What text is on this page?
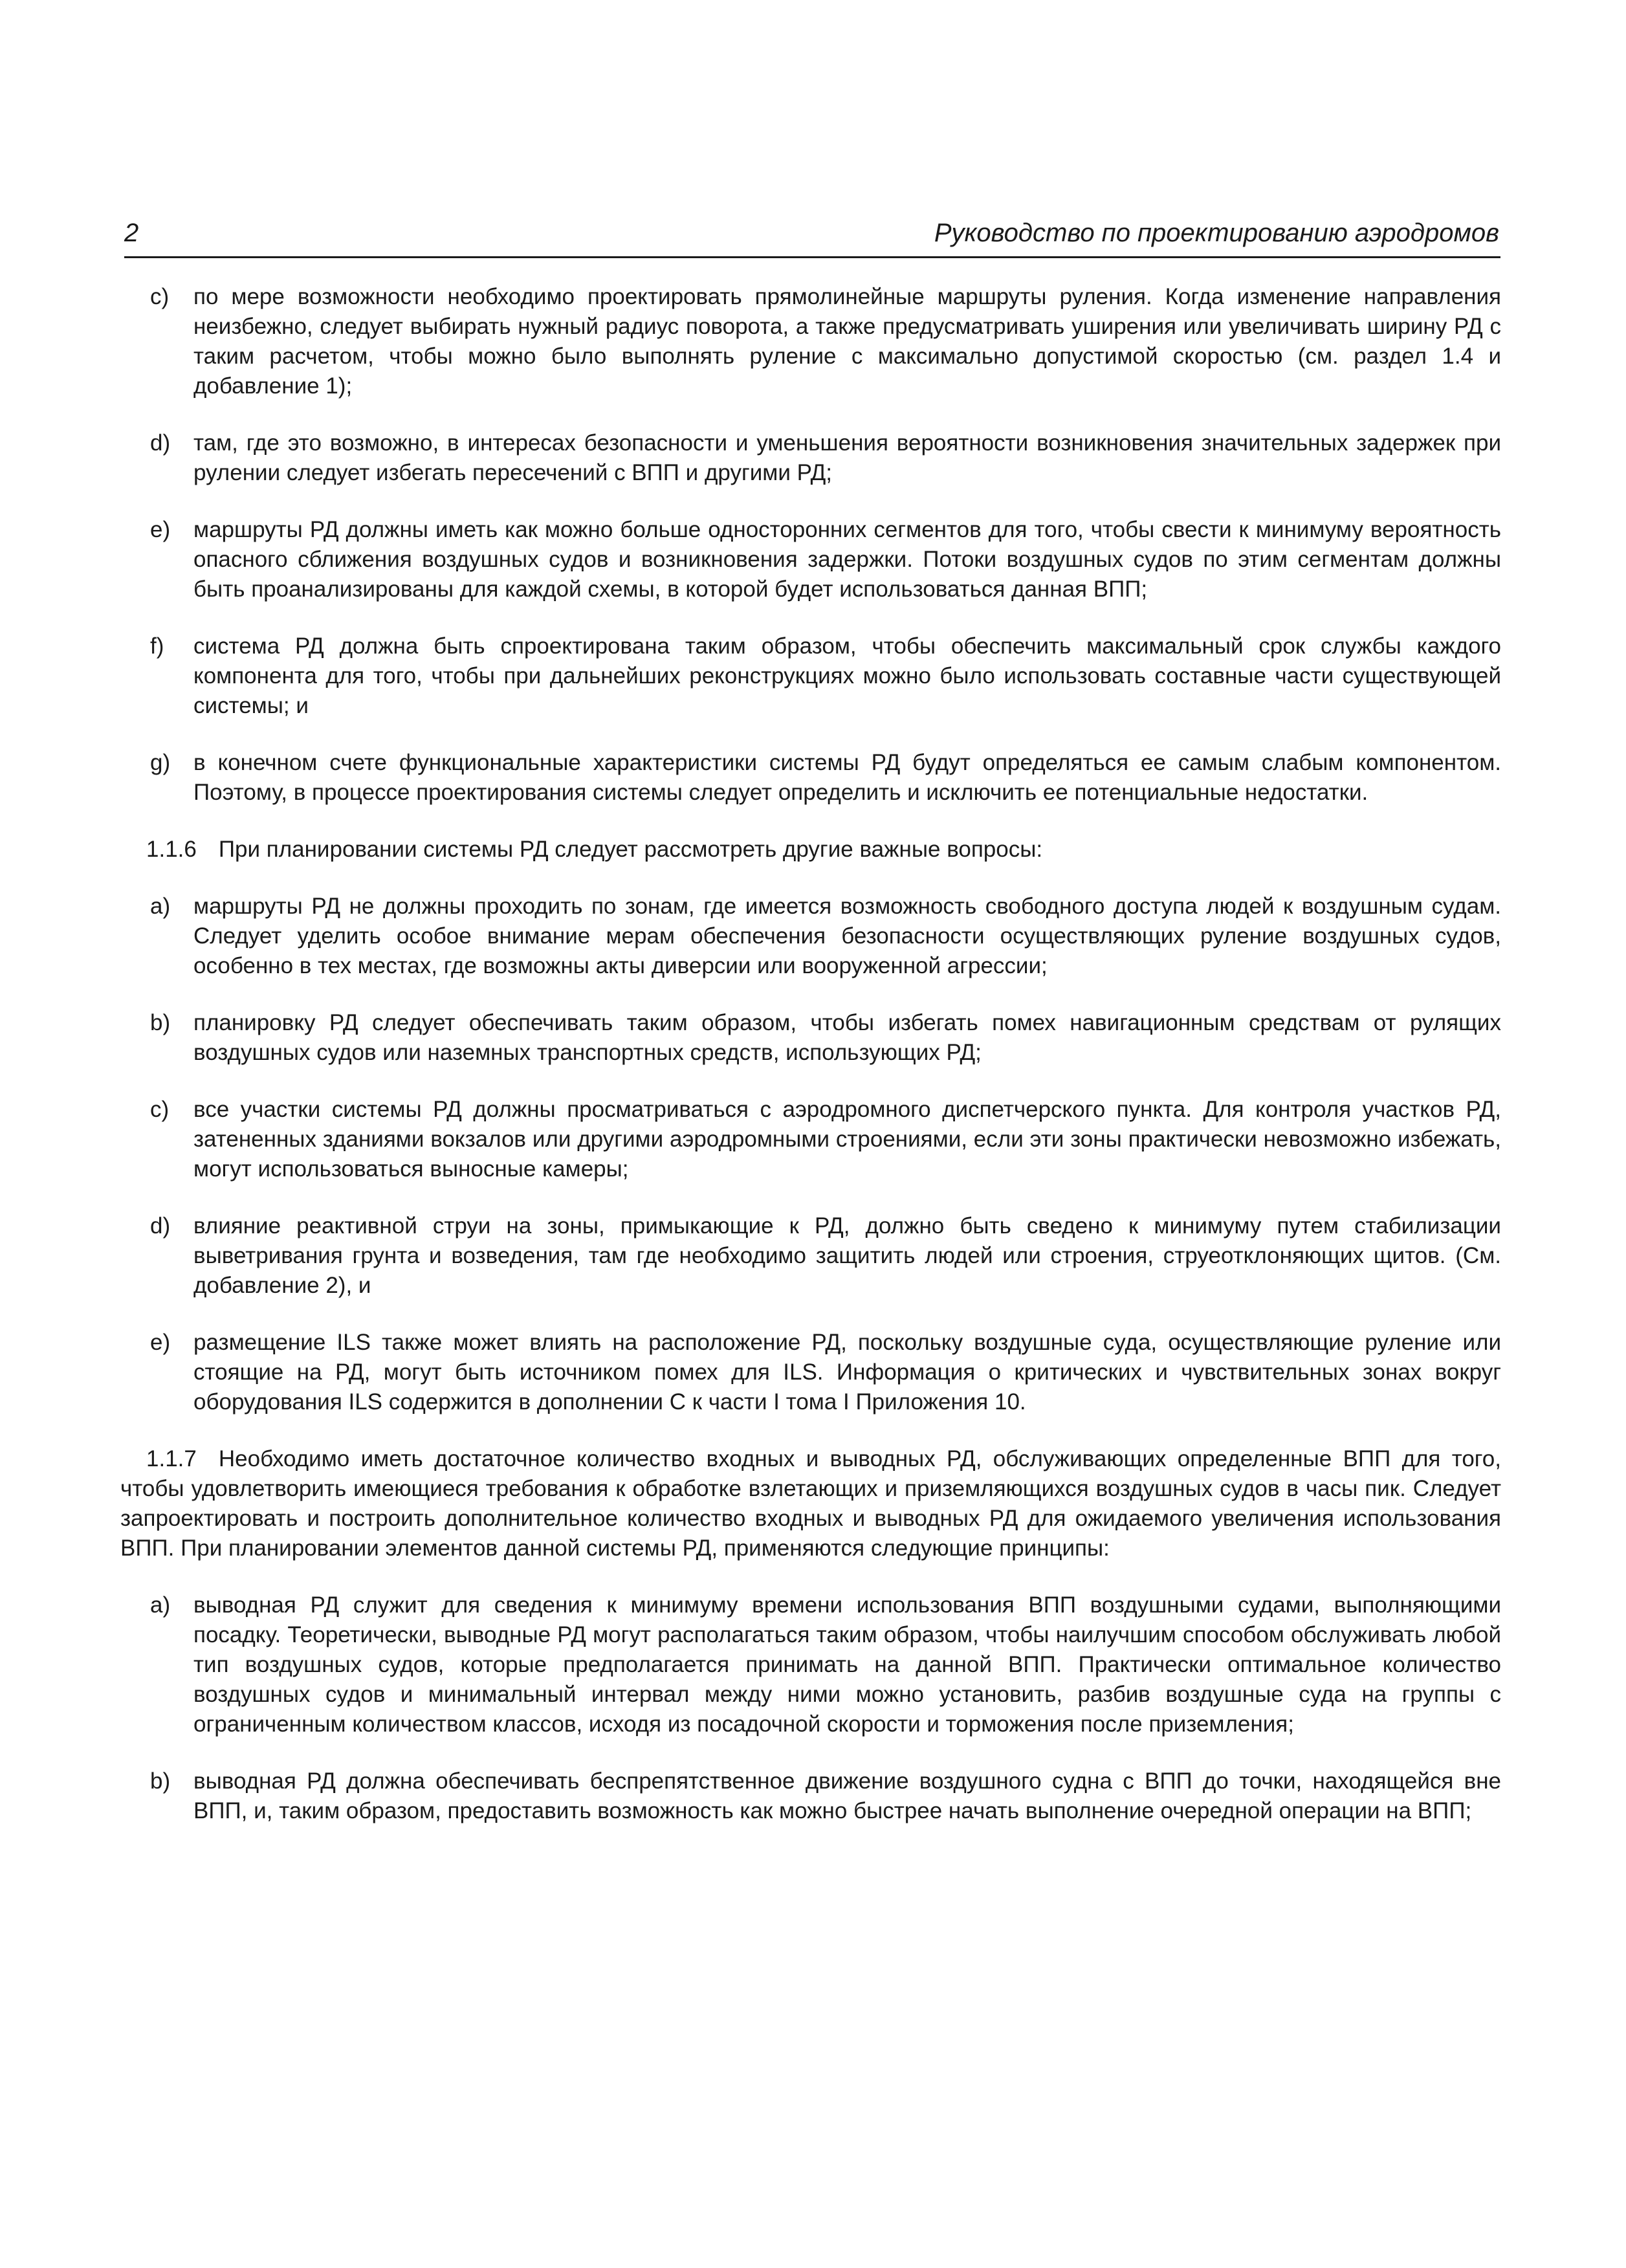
2	Руководство по проектированию аэродромов
c)	по мере возможности необходимо проектировать прямолинейные маршруты руления. Когда изменение направления неизбежно, следует выбирать нужный радиус поворота, а также предусматривать уширения или увеличивать ширину РД с таким расчетом, чтобы можно было выполнять руление с максимально допустимой скоростью (см. раздел 1.4 и добавление 1);
d)	там, где это возможно, в интересах безопасности и уменьшения вероятности возникновения значительных задержек при рулении следует избегать пересечений с ВПП и другими РД;
e)	маршруты РД должны иметь как можно больше односторонних сегментов для того, чтобы свести к минимуму вероятность опасного сближения воздушных судов и возникновения задержки. Потоки воздушных судов по этим сегментам должны быть проанализированы для каждой схемы, в которой будет использоваться данная ВПП;
f)	система РД должна быть спроектирована таким образом, чтобы обеспечить максимальный срок службы каждого компонента для того, чтобы при дальнейших реконструкциях можно было использовать составные части существующей системы; и
g)	в конечном счете функциональные характеристики системы РД будут определяться ее самым слабым компонентом. Поэтому, в процессе проектирования системы следует определить и исключить ее потенциальные недостатки.
1.1.6 При планировании системы РД следует рассмотреть другие важные вопросы:
a)	маршруты РД не должны проходить по зонам, где имеется возможность свободного доступа людей к воздушным судам. Следует уделить особое внимание мерам обеспечения безопасности осуществляющих руление воздушных судов, особенно в тех местах, где возможны акты диверсии или вооруженной агрессии;
b)	планировку РД следует обеспечивать таким образом, чтобы избегать помех навигационным средствам от рулящих воздушных судов или наземных транспортных средств, использующих РД;
c)	все участки системы РД должны просматриваться с аэродромного диспетчерского пункта. Для контроля участков РД, затененных зданиями вокзалов или другими аэродромными строениями, если эти зоны практически невозможно избежать, могут использоваться выносные камеры;
d)	влияние реактивной струи на зоны, примыкающие к РД, должно быть сведено к минимуму путем стабилизации выветривания грунта и возведения, там где необходимо защитить людей или строения, струеотклоняющих щитов. (См. добавление 2), и
e)	размещение ILS также может влиять на расположение РД, поскольку воздушные суда, осуществляющие руление или стоящие на РД, могут быть источником помех для ILS. Информация о критических и чувствительных зонах вокруг оборудования ILS содержится в дополнении C к части I тома I Приложения 10.
1.1.7 Необходимо иметь достаточное количество входных и выводных РД, обслуживающих определенные ВПП для того, чтобы удовлетворить имеющиеся требования к обработке взлетающих и приземляющихся воздушных судов в часы пик. Следует запроектировать и построить дополнительное количество входных и выводных РД для ожидаемого увеличения использования ВПП. При планировании элементов данной системы РД, применяются следующие принципы:
a)	выводная РД служит для сведения к минимуму времени использования ВПП воздушными судами, выполняющими посадку. Теоретически, выводные РД могут располагаться таким образом, чтобы наилучшим способом обслуживать любой тип воздушных судов, которые предполагается принимать на данной ВПП. Практически оптимальное количество воздушных судов и минимальный интервал между ними можно установить, разбив воздушные суда на группы с ограниченным количеством классов, исходя из посадочной скорости и торможения после приземления;
b)	выводная РД должна обеспечивать беспрепятственное движение воздушного судна с ВПП до точки, находящейся вне ВПП, и, таким образом, предоставить возможность как можно быстрее начать выполнение очередной операции на ВПП;
